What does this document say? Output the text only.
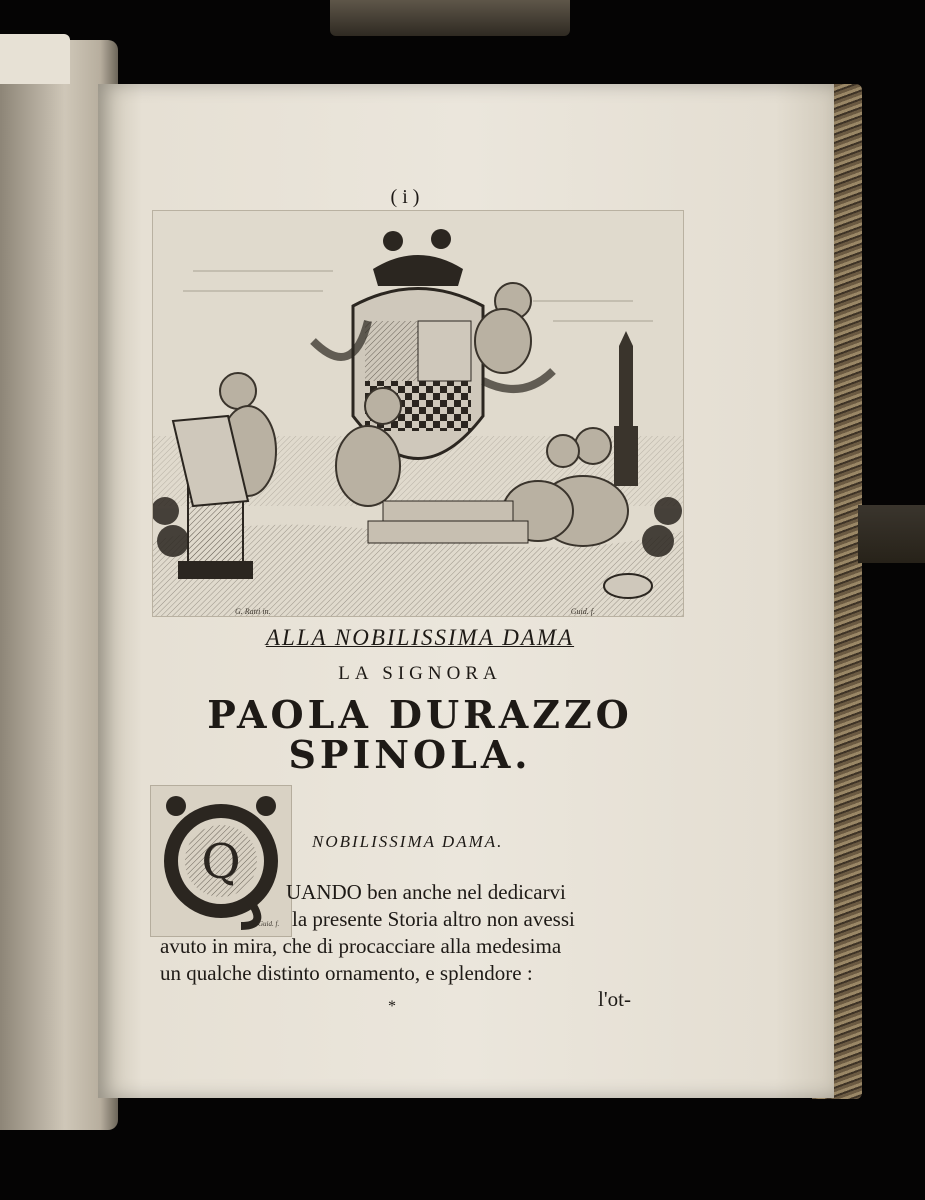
( i )
G. Ratti in.	Guid. f.
ALLA NOBILISSIMA DAMA
LA SIGNORA
PAOLA DURAZZO
SPINOLA.
Q
Guid. f.
NOBILISSIMA DAMA.
UANDO ben anche nel dedicarvi
la presente Storia altro non avessi
avuto in mira, che di procacciare alla medesima
un qualche distinto ornamento, e splendore :
*	l'ot-
